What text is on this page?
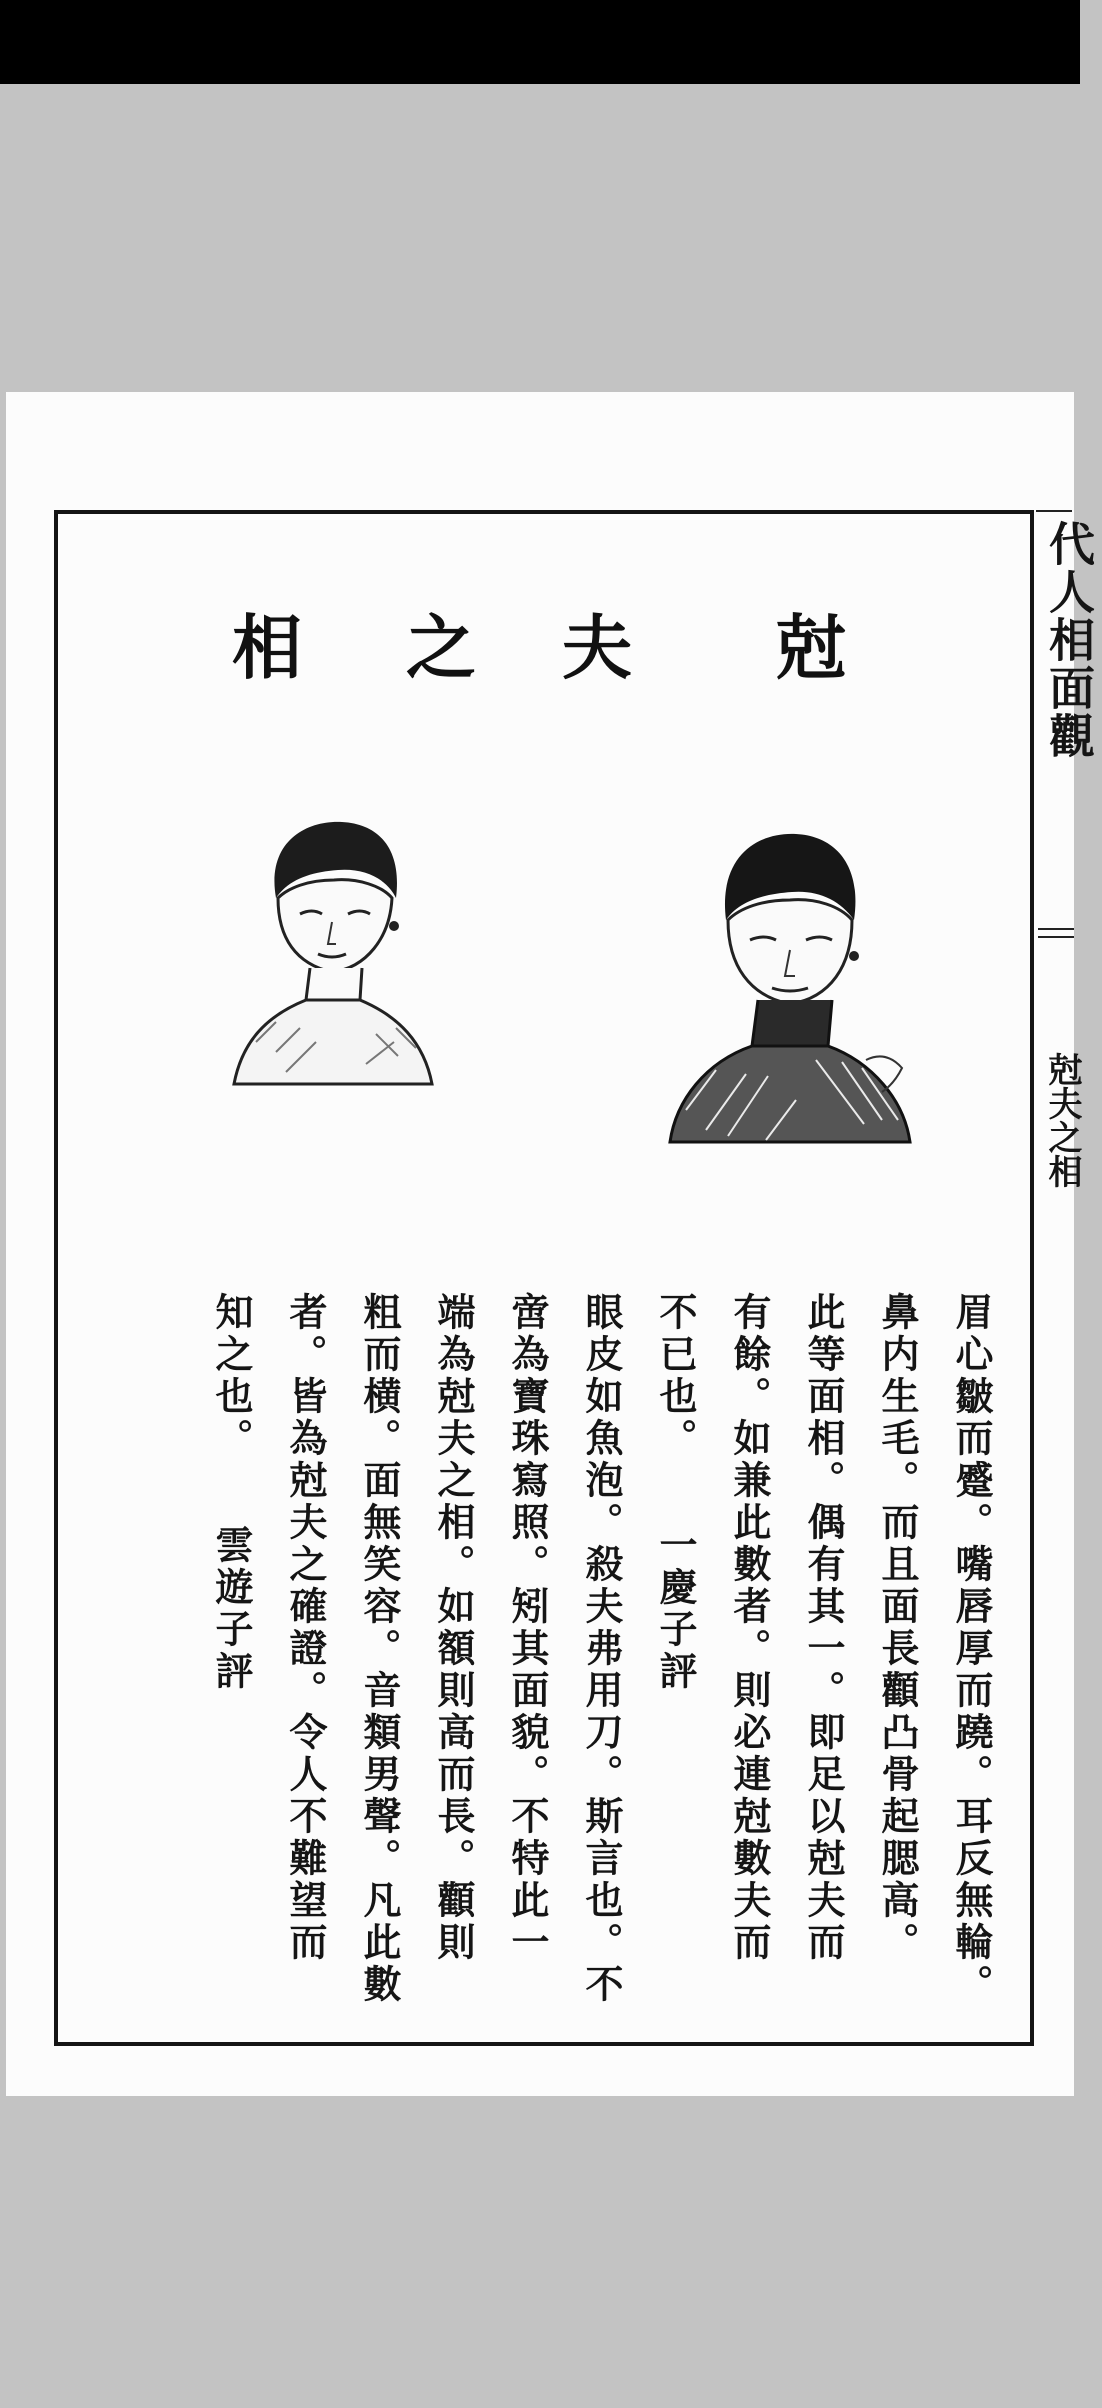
代人相面觀
尅夫之相
尅
夫
之
相
眉心皺而蹙。嘴唇厚而蹺。耳反無輪。
鼻内生毛。而且面長顴凸骨起腮高。
此等面相。偶有其一。即足以尅夫而
有餘。如兼此數者。則必連尅數夫而
不已也。　　一慶子評
眼皮如魚泡。殺夫弗用刀。斯言也。不
啻為寶珠寫照。矧其面貌。不特此一
端為尅夫之相。如額則高而長。顴則
粗而横。面無笑容。音類男聲。凡此數
者。皆為尅夫之確證。令人不難望而
知之也。　　雲遊子評
